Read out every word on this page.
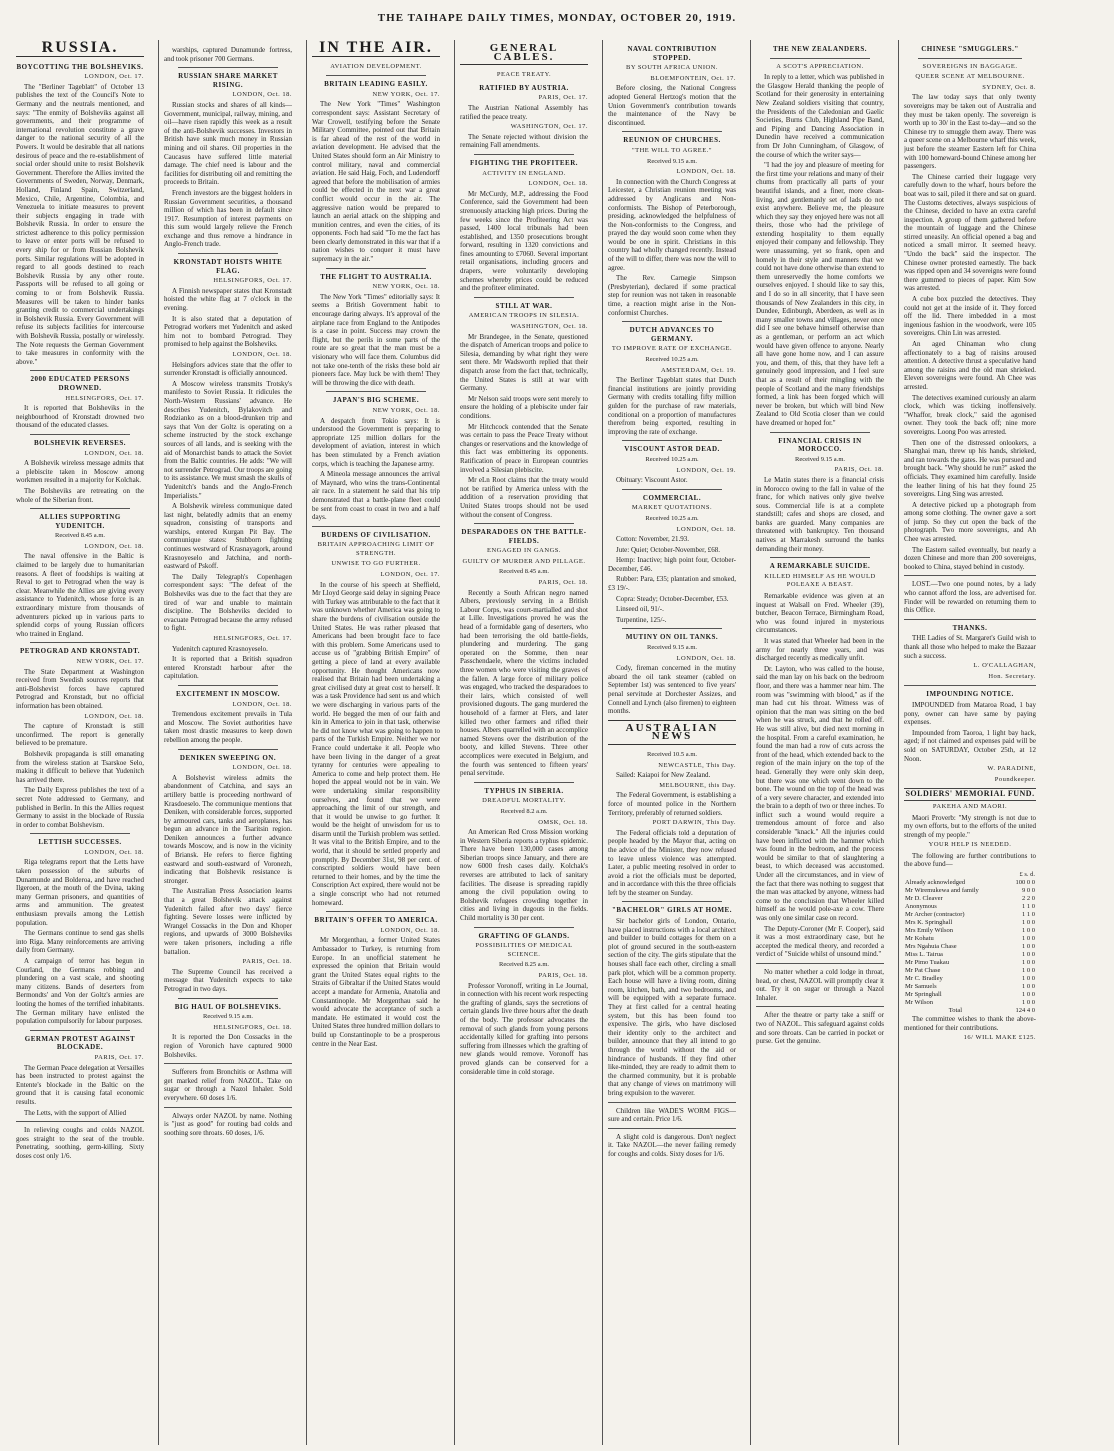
THE TAIHAPE DAILY TIMES, MONDAY, OCTOBER 20, 1919.
RUSSIA.
BOYCOTTING THE BOLSHEVIKS.
LONDON, Oct. 17.

The "Berliner Tageblatt" of October 13 publishes the text of the Council's Note to Germany and the neutrals mentioned, and says: "The enmity of Bolsheviks against all governments, and their programme of international revolution constitute a grave danger to the national security of all the Powers. It would be desirable that all nations desirous of peace and the re-establishment of social order should unite to resist Bolshevik Government. Therefore the Allies invited the Governments of Sweden, Norway, Denmark, Holland, Finland Spain, Switzerland, Mexico, Chile, Argentine, Colombia, and Venezuela to initiate measures to prevent their subjects engaging in trade with Bolshevik Russia. In order to ensure the strictest adherence to this policy permission to leave or enter ports will be refused to every ship for or from Russian Bolshevik ports. Similar regulations will be adopted in regard to all goods destined to reach Bolshevik Russia by any other route. Passports will be refused to all going or coming to or from Bolshevik Russia. Measures will be taken to hinder banks granting credit to commercial undertakings in Bolshevik Russia. Every Government will refuse its subjects facilities for intercourse with Bolshevik Russia, postally or wirelessly. The Note requests the German Government to take measures in conformity with the above."

2000 EDUCATED PERSONS DROWNED.
HELSINGFORS, Oct. 17.

It is reported that Bolsheviks in the neighbourhood of Kronstadt drowned two thousand of the educated classes.

BOLSHEVIK REVERSES.
LONDON, Oct. 18.

A Bolshevik wireless message admits that a plebiscite taken in Moscow among workmen resulted in a majority for Kolchak.

The Bolsheviks are retreating on the whole of the Siberian front.

ALLIES SUPPORTING YUDENITCH.
Received 8.45 a.m.
LONDON, Oct. 18.

The naval offensive in the Baltic is claimed to be largely due to humanitarian reasons. A fleet of foodships is waiting at Reval to get to Petrograd when the way is clear. Meanwhile the Allies are giving every assistance to Yudenitch, whose force is an extraordinary mixture from thousands of adventurers picked up in various parts to splendid corps of young Russian officers who trained in England.

PETROGRAD AND KRONSTADT.
NEW YORK, Oct. 17.

The State Department at Washington received from Swedish sources reports that anti-Bolshevist forces have captured Petrograd and Kronstadt, but no official information has been obtained.

LONDON, Oct. 18.

The capture of Kronstadt is still unconfirmed. The report is generally believed to be premature.

Bolshevik propaganda is still emanating from the wireless station at Tsarskoe Selo, making it difficult to believe that Yudenitch has arrived there.

The Daily Express publishes the text of a secret Note addressed to Germany, and published in Berlin. In this the Allies request Germany to assist in the blockade of Russia in order to combat Bolshevism.

LETTISH SUCCESSES.
LONDON, Oct. 18.

Riga telegrams report that the Letts have taken possession of the suburbs of Dunamunde and Bolderoa, and have reached Ilgeroen, at the mouth of the Dvina, taking many German prisoners, and quantities of arms and ammunition. The greatest enthusiasm prevails among the Lettish population.

The Germans continue to send gas shells into Riga. Many reinforcements are arriving daily from Germany.

A campaign of terror has begun in Courland, the Germans robbing and plundering on a vast scale, and shooting many citizens. Bands of deserters from Bermondts' and Von der Goltz's armies are looting the homes of the terrified inhabitants. The German military have enlisted the population compulsorily for labour purposes.

GERMAN PROTEST AGAINST BLOCKADE.
PARIS, Oct. 17.

The German Peace delegation at Versailles has been instructed to protest against the Entente's blockade in the Baltic on the ground that it is causing fatal economic results.

The Letts, with the support of Allied

In relieving coughs and colds NAZOL goes straight to the seat of the trouble. Penetrating, soothing, germ-killing. Sixty doses cost only 1/6.

warships, captured Dunamunde fortress, and took prisoner 700 Germans.

RUSSIAN SHARE MARKET RISING.
LONDON, Oct. 18.

Russian stocks and shares of all kinds—Government, municipal, railway, mining, and oil—have risen rapidly this week as a result of the anti-Bolshevik successes. Investors in British have sunk much money in Russian mining and oil shares. Oil properties in the Caucasus have suffered little material damage. The chief need is labour and the facilities for distributing oil and remitting the proceeds to Britain.

French investors are the biggest holders in Russian Government securities, a thousand million of which has been in default since 1917. Resumption of interest payments on this sum would largely relieve the French exchange and thus remove a hindrance in Anglo-French trade.

KRONSTADT HOISTS WHITE FLAG.
HELSINGFORS, Oct. 17.

A Finnish newspaper states that Kronstadt hoisted the white flag at 7 o'clock in the evening.

It is also stated that a deputation of Petrograd workers met Yudenitch and asked him not to bombard Petrograd. They promised to help against the Bolsheviks.

LONDON, Oct. 18.

Helsingfors advices state that the offer to surrender Kronstadt is officially announced.

A Moscow wireless transmits Trotsky's manifesto to Soviet Russia. It ridicules the North-Western Russians' advance. He describes Yudenitch, Bylakovitch and Rodzianko as on a blood-drunken trip and says that Von der Goltz is operating on a scheme instructed by the stock exchange sources of all lands, and is seeking with the aid of Monarchist bands to attack the Soviet from the Baltic countries. He adds: "We will not surrender Petrograd. Our troops are going to its assistance. We must smash the skulls of Yudenitch's bands and the Anglo-French Imperialists."

A Bolshevik wireless communique dated last night, belatedly admits that an enemy squadron, consisting of transports and warships, entered Kurgan Pit Bay. The communique states: Stubborn fighting continues westward of Krasnayagork, around Krasnoyeselo and Jatchina, and north-eastward of Pskoff.

The Daily Telegraph's Copenhagen correspondent says: "The defeat of the Bolsheviks was due to the fact that they are tired of war and unable to maintain discipline. The Bolsheviks decided to evacuate Petrograd because the army refused to fight.

HELSINGFORS, Oct. 17.

Yudenitch captured Krasnoyeselo.

It is reported that a British squadron entered Kronstadt harbour after the capitulation.

EXCITEMENT IN MOSCOW.
LONDON, Oct. 18.

Tremendous excitement prevails in Tula and Moscow. The Soviet authorities have taken most drastic measures to keep down rebellion among the people.

DENIKEN SWEEPING ON.
LONDON, Oct. 18.

A Bolshevist wireless admits the abandonment of Catchina, and says an artillery battle is proceeding northward of Krasdoeselo. The communique mentions that Deniken, with considerable forces, supported by armoured cars, tanks and aeroplanes, has begun an advance in the Tsaritsin region. Deniken announces a further advance towards Moscow, and is now in the vicinity of Briansk. He refers to fierce fighting eastward and south-eastward of Voronezh, indicating that Bolshevik resistance is stronger.

The Australian Press Association learns that a great Bolshevik attack against Yudenitch failed after two days' fierce fighting. Severe losses were inflicted by Wrangel Cossacks in the Don and Khoper regions, and upwards of 3000 Bolsheviks were taken prisoners, including a rifle battalion.

PARIS, Oct. 18.

The Supreme Council has received a message that Yudenitch expects to take Petrograd in two days.

BIG HAUL OF BOLSHEVIKS.
Received 9.15 a.m.
HELSINGFORS, Oct. 18.

It is reported the Don Cossacks in the region of Voronich have captured 9000 Bolsheviks.

Sufferers from Bronchitis or Asthma will get marked relief from NAZOL. Take on sugar or through a Nazol Inhaler. Sold everywhere. 60 doses 1/6.

Always order NAZOL by name. Nothing is "just as good" for routing bad colds and soothing sore throats. 60 doses, 1/6.

IN THE AIR.
AVIATION DEVELOPMENT.
BRITAIN LEADING EASILY.
NEW YORK, Oct. 17.

The New York "Times" Washington correspondent says: Assistant Secretary of War Crowell, testifying before the Senate Military Committee, pointed out that Britain is far ahead of the rest of the world in aviation development. He advised that the United States should form an Air Ministry to control military, naval and commercial aviation. He said Haig, Foch, and Ludendorff agreed that before the mobilisation of armies could be effected in the next war a great conflict would occur in the air. The aggressive nation would be prepared to launch an aerial attack on the shipping and munition centres, and even the cities, of its opponents. Foch had said "To me the fact has been clearly demonstrated in this war that if a nation wishes to conquer it must have supremacy in the air."

THE FLIGHT TO AUSTRALIA.
NEW YORK, Oct. 18.

The New York "Times" editorially says: It seems a British Government habit to encourage daring always. It's approval of the airplane race from England to the Antipodes is a case in point. Success may crown the flight, but the perils in some parts of the route are so great that the man must be a visionary who will face them. Columbus did not take one-tenth of the risks these bold air pioneers face. May luck be with them! They will be throwing the dice with death.

JAPAN'S BIG SCHEME.
NEW YORK, Oct. 18.

A despatch from Tokio says: It is understood the Government is preparing to appropriate 125 million dollars for the development of aviation, interest in which has been stimulated by a French aviation corps, which is teaching the Japanese army.

A Mineola message announces the arrival of Maynard, who wins the trans-Continental air race. In a statement he said that his trip demonstrated that a battle-plane fleet could be sent from coast to coast in two and a half days.

BURDENS OF CIVILISATION.
BRITAIN APPROACHING LIMIT OF STRENGTH.
UNWISE TO GO FURTHER.
LONDON, Oct. 17.

In the course of his speech at Sheffield, Mr Lloyd George said delay in signing Peace with Turkey was attributable to the fact that it was unknown whether America was going to share the burdens of civilisation outside the United States. He was rather pleased that Americans had been brought face to face with this problem. Some Americans used to accuse us of "grabbing British Empire" of getting a piece of land at every available opportunity. He thought Americans now realised that Britain had been undertaking a great civilised duty at great cost to herself. It was a task Providence had sent us and which we were discharging in various parts of the world. He begged the men of our faith and kin in America to join in that task, otherwise he did not know what was going to happen to parts of the Turkish Empire. Neither we nor France could undertake it all. People who have been living in the danger of a great tyranny for centuries were appealing to America to come and help protect them. He hoped the appeal would not be in vain. We were undertaking similar responsibility ourselves, and found that we were approaching the limit of our strength, and that it would be unwise to go further. It would be the height of unwisdom for us to disarm until the Turkish problem was settled. It was vital to the British Empire, and to the world, that it should be settled properly and promptly. By December 31st, 98 per cent. of conscripted soldiers would have been returned to their homes, and by the time the Conscription Act expired, there would not be a single conscript who had not returned homeward.

BRITAIN'S OFFER TO AMERICA.
LONDON, Oct. 18.

Mr Morgenthau, a former United States Ambassador to Turkey, is returning from Europe. In an unofficial statement he expressed the opinion that Britain would grant the United States equal rights to the Straits of Gibraltar if the United States would accept a mandate for Armenia, Anatolia and Constantinople. Mr Morgenthau said he would advocate the acceptance of such a mandate. He estimated it would cost the United States three hundred million dollars to build up Constantinople to be a prosperous centre in the Near East.

GENERAL CABLES.
PEACE TREATY.
RATIFIED BY AUSTRIA.
PARIS, Oct. 17.

The Austrian National Assembly has ratified the peace treaty.

WASHINGTON, Oct. 17.

The Senate rejected without division the remaining Fall amendments.

FIGHTING THE PROFITEER.
ACTIVITY IN ENGLAND.
LONDON, Oct. 18.

Mr McCurdy, M.P., addressing the Food Conference, said the Government had been strenuously attacking high prices. During the few weeks since the Profiteering Act was passed, 1400 local tribunals had been established, and 1350 prosecutions brought forward, resulting in 1320 convictions and fines amounting to £7060. Several important retail organisations, including grocers and drapers, were voluntarily developing schemes whereby prices could be reduced and the profiteer eliminated.

STILL AT WAR.
AMERICAN TROOPS IN SILESIA.
WASHINGTON, Oct. 18.

Mr Brandegee, in the Senate, questioned the dispatch of American troops and police to Silesia, demanding by what right they were sent there. Mr Wadsworth replied that their dispatch arose from the fact that, technically, the United States is still at war with Germany.

Mr Nelson said troops were sent merely to ensure the holding of a plebiscite under fair conditions.

Mr Hitchcock contended that the Senate was certain to pass the Peace Treaty without changes or reservations and the knowledge of this fact was embittering its opponents. Ratification of peace in European countries involved a Silesian plebiscite.

Mr eLn Root claims that the treaty would not be ratified by America unless with the addition of a reservation providing that United States troops should not be used without the consent of Congress.

DESPARADOES ON THE BATTLE-FIELDS.
ENGAGED IN GANGS.
GUILTY OF MURDER AND PILLAGE.
Received 8.45 a.m.
PARIS, Oct. 18.

Recently a South African negro named Albers, previously serving in a British Labour Corps, was court-martialled and shot at Lille. Investigations proved he was the head of a formidable gang of deserters, who had been terrorising the old battle-fields, plundering and murdering. The gang operated on the Somme, then near Passchendaele, where the victims included three women who were visiting the graves of the fallen. A large force of military police was engaged, who tracked the desparadoes to their lairs, which consisted of well provisioned dugouts. The gang murdered the household of a farmer at Flers, and later killed two other farmers and rifled their houses. Albers quarrelled with an accomplice named Stevens over the distribution of the booty, and killed Stevens. Three other accomplices were executed in Belgium, and the fourth was sentenced to fifteen years' penal servitude.

TYPHUS IN SIBERIA.
DREADFUL MORTALITY.
Received 8.2 a.m.
OMSK, Oct. 18.

An American Red Cross Mission working in Western Siberia reports a typhus epidemic. There have been 130,000 cases among Siberian troops since January, and there are now 6000 fresh cases daily. Kolchak's reverses are attributed to lack of sanitary facilities. The disease is spreading rapidly among the civil population owing to Bolshevik refugees crowding together in cities and living in dugouts in the fields. Child mortality is 30 per cent.

GRAFTING OF GLANDS.
POSSIBILITIES OF MEDICAL SCIENCE.
Received 8.25 a.m.
PARIS, Oct. 18.

Professor Voronoff, writing in Le Journal, in connection with his recent work respecting the grafting of glands, says the secretions of certain glands live three hours after the death of the body. The professor advocates the removal of such glands from young persons accidentally killed for grafting into persons suffering from illnesses which the grafting of new glands would remove. Voronoff has proved glands can be conserved for a considerable time in cold storage.

NAVAL CONTRIBUTION STOPPED.
BY SOUTH AFRICA UNION.
BLOEMFONTEIN, Oct. 17.

Before closing, the National Congress adopted General Hertzog's motion that the Union Government's contribution towards the maintenance of the Navy be discontinued.

REUNION OF CHURCHES.
"THE WILL TO AGREE."
Received 9.15 a.m.
LONDON, Oct. 18.

In connection with the Church Congress at Leicester, a Christian reunion meeting was addressed by Anglicans and Non-conformists. The Bishop of Peterborough, presiding, acknowledged the helpfulness of the Non-conformists to the Congress, and prayed the day would soon come when they would be one in spirit. Christians in this country had wholly changed recently. Instead of the will to differ, there was now the will to agree.

The Rev. Carnegie Simpson (Presbyterian), declared if some practical step for reunion was not taken in reasonable time, a reaction might arise in the Non-conformist Churches.

DUTCH ADVANCES TO GERMANY.
TO IMPROVE RATE OF EXCHANGE.
Received 10.25 a.m.
AMSTERDAM, Oct. 19.

The Berliner Tageblatt states that Dutch financial institutions are jointly providing Germany with credits totalling fifty million gulden for the purchase of raw materials, conditional on a proportion of manufactures therefrom being exported, resulting in improving the rate of exchange.

VISCOUNT ASTOR DEAD.
Received 10.25 a.m.
LONDON, Oct. 19.

Obituary: Viscount Astor.

COMMERCIAL.
MARKET QUOTATIONS.
Received 10.25 a.m.
LONDON, Oct. 18.

Cotton: November, 21.93.

Jute: Quiet; October-November, £68.

Hemp: Inactive; high point four, October-December, £46.

Rubber: Para, £35; plantation and smoked, £3 19/-.

Copra: Steady; October-December, £53.

Linseed oil, 91/-.

Turpentine, 125/-.

MUTINY ON OIL TANKS.
Received 9.15 a.m.
LONDON, Oct. 18.

Cody, fireman concerned in the mutiny aboard the oil tank steamer (cabled on September 1st) was sentenced to five years' penal servitude at Dorchester Assizes, and Connell and Lynch (also firemen) to eighteen months.

AUSTRALIAN NEWS
Received 10.5 a.m.
NEWCASTLE, This Day.

Sailed: Kaiapoi for New Zealand.

MELBOURNE, this Day.

The Federal Government, is establishing a force of mounted police in the Northern Territory, preferably of returned soldiers.

PORT DARWIN, This Day.

The Federal officials told a deputation of people headed by the Mayor that, acting on the advice of the Minister, they now refused to leave unless violence was attempted. Later, a public meeting resolved in order to avoid a riot the officials must be deported, and in accordance with this the three officials left by the steamer on Sunday.

"BACHELOR" GIRLS AT HOME.

Sir bachelor girls of London, Ontario, have placed instructions with a local architect and builder to build cottages for them on a plot of ground secured in the south-eastern section of the city. The girls stipulate that the houses shall face each other, circling a small park plot, which will be a common property. Each house will have a living room, dining room, kitchen, bath, and two bedrooms, and will be equipped with a separate furnace. They at first called for a central heating system, but this has been found too expensive. The girls, who have disclosed their identity only to the architect and builder, announce that they all intend to go through the world without the aid or hindrance of husbands. If they find other like-minded, they are ready to admit them to the charmed community, but it is probable that any change of views on matrimony will bring expulsion to the waverer.

Children like WADE'S WORM FIGS—sure and certain. Price 1/6.

A slight cold is dangerous. Don't neglect it. Take NAZOL—the never failing remedy for coughs and colds. Sixty doses for 1/6.

THE NEW ZEALANDERS.
A SCOT'S APPRECIATION.

In reply to a letter, which was published in the Glasgow Herald thanking the people of Scotland for their generosity in entertaining New Zealand soldiers visiting that country, the Presidents of the Caledonian and Gaelic Societies, Burns Club, Highland Pipe Band, and Piping and Dancing Association in Dunedin have received a communication from Dr John Cunningham, of Glasgow, of the course of which the writer says—

"I had the joy and pleasure of meeting for the first time your relations and many of their chums from practically all parts of your beautiful islands, and a finer, more clean-living, and gentlemanly set of lads do not exist anywhere. Believe me, the pleasure which they say they enjoyed here was not all theirs, those who had the privilege of extending hospitality to them equally enjoyed their company and fellowship. They were unassuming, yet so frank, open and homely in their style and manners that we could not have done otherwise than extend to them unreservedly the home comforts we ourselves enjoyed. I should like to say this, and I do so in all sincerity, that I have seen thousands of New Zealanders in this city, in Dundee, Edinburgh, Aberdeen, as well as in many smaller towns and villages, never once did I see one behave himself otherwise than as a gentleman, or perform an act which would have given offence to anyone. Nearly all have gone home now, and I can assure you, and them, of this, that they have left a genuinely good impression, and I feel sure that as a result of their mingling with the people of Scotland and the many friendships formed, a link has been forged which will never be broken, but which will bind New Zealand to Old Scotia closer than we could have dreamed or hoped for."

FINANCIAL CRISIS IN MOROCCO.
Received 9.15 a.m.
PARIS, Oct. 18.

Le Matin states there is a financial crisis in Morocco owing to the fall in value of the franc, for which natives only give twelve sous. Commercial life is at a complete standstill; cafes and shops are closed, and banks are guarded. Many companies are threatened with bankruptcy. Ten thousand natives at Marrakesh surround the banks demanding their money.

A REMARKABLE SUICIDE.
KILLED HIMSELF AS HE WOULD POLEAXE A BEAST.

Remarkable evidence was given at an inquest at Walsall on Fred. Wheeler (39), butcher, Beacon Terrace, Birmingham Road, who was found injured in mysterious circumstances.

It was stated that Wheeler had been in the army for nearly three years, and was discharged recently as medically unfit.

Dr. Layton, who was called to the house, said the man lay on his back on the bedroom floor, and there was a hammer near him. The room was "swimming with blood," as if the man had cut his throat. Witness was of opinion that the man was sitting on the bed when he was struck, and that he rolled off. He was still alive, but died next morning in the hospital. From a careful examination, he found the man had a row of cuts across the front of the head, which extended back to the region of the main injury on the top of the head. Generally they were only skin deep, but there was one which went down to the bone. The wound on the top of the head was of a very severe character, and extended into the brain to a depth of two or three inches. To inflict such a wound would require a tremendous amount of force and also considerable "knack." All the injuries could have been inflicted with the hammer which was found in the bedroom, and the process would be similar to that of slaughtering a beast, to which deceased was accustomed. Under all the circumstances, and in view of the fact that there was nothing to suggest that the man was attacked by anyone, witness had come to the conclusion that Wheeler killed himself as he would pole-axe a cow. There was only one similar case on record.

The Deputy-Coroner (Mr F. Cooper), said it was a most extraordinary case, but he accepted the medical theory, and recorded a verdict of "Suicide whilst of unsound mind."

No matter whether a cold lodge in throat, head, or chest, NAZOL will promptly clear it out. Try it on sugar or through a Nazol Inhaler.

After the theatre or party take a sniff or two of NAZOL. This safeguard against colds and sore throats. Can be carried in pocket or purse. Get the genuine.

CHINESE "SMUGGLERS."
SOVEREIGNS IN BAGGAGE.
QUEER SCENE AT MELBOURNE.
SYDNEY, Oct. 8.

The law today says that only twenty sovereigns may be taken out of Australia and they must be taken openly. The sovereign is worth up to 30/ in the East to-day—and so the Chinese try to smuggle them away. There was a queer scene on a Melbourne wharf this week, just before the steamer Eastern left for China with 100 homeward-bound Chinese among her passengers.

The Chinese carried their luggage very carefully down to the wharf, hours before the boat was to sail, piled it there and sat on guard. The Customs detectives, always suspicious of the Chinese, decided to have an extra careful inspection. A group of them gathered before the mountain of luggage and the Chinese stirred uneasily. An official opened a bag and noticed a small mirror. It seemed heavy. "Undo the back" said the inspector. The Chinese owner protested earnestly. The back was ripped open and 34 sovereigns were found there gummed to pieces of paper. Kim Sow was arrested.

A cube box puzzled the detectives. They could not get at the inside of it. They forced off the lid. There imbedded in a most ingenious fashion in the woodwork, were 105 sovereigns. Chin Lin was arrested.

An aged Chinaman who clung affectionately to a bag of raisins aroused attention. A detective thrust a speculative hand among the raisins and the old man shrieked. Eleven sovereigns were found. Ah Chee was arrested.

The detectives examined curiously an alarm clock, which was ticking inoffensively. "Whaffor, break clock," said the agonised owner. They took the back off; nine more sovereigns. Loong Poo was arrested.

Then one of the distressed onlookers, a Shanghai man, threw up his hands, shrieked, and ran towards the gates. He was pursued and brought back. "Why should he run?" asked the officials. They examined him carefully. Inside the leather lining of his hat they found 25 sovereigns. Ling Sing was arrested.

A detective picked up a photograph from among some clothing. The owner gave a sort of jump. So they cut open the back of the photograph. Two more sovereigns, and Ah Chee was arrested.

The Eastern sailed eventually, but nearly a dozen Chinese and more than 200 sovereigns, booked to China, stayed behind in custody.

LOST.—Two one pound notes, by a lady who cannot afford the loss, are advertised for. Finder will be rewarded on returning them to this Office.

THANKS.

THE Ladies of St. Margaret's Guild wish to thank all those who helped to make the Bazaar such a success.

L. O'CALLAGHAN,
Hon. Secretary.
IMPOUNDING NOTICE.

IMPOUNDED from Mataroa Road, 1 bay pony, owner can have same by paying expenses.

Impounded from Taoroa, 1 light bay hack, aged; if not claimed and expenses paid will be sold on SATURDAY, October 25th, at 12 Noon.

W. PARADINE,
Poundkeeper.
SOLDIERS' MEMORIAL FUND.
PAKEHA AND MAORI.

Maori Proverb: "My strength is not due to my own efforts, but to the efforts of the united strength of my people."

YOUR HELP IS NEEDED.

The following are further contributions to the above fund—

	£ s. d.
Already acknowledged	100 0 0
Mr Wiremukewa and family	9 0 0
Mr D. Cleaver	2 2 0
Anonymous	1 1 0
Mr Archer (contractor)	1 1 0
Mrs K. Springhall	1 0 0
Mrs Emily Wilson	1 0 0
Mr Kohatu	1 0 0
Mrs Ngahuia Chase	1 0 0
Miss L. Tairua	1 0 0
Mr Pimo Tuakau	1 0 0
Mr Pat Chase	1 0 0
Mr C. Bradley	1 0 0
Mr Samuels	1 0 0
Mr Springhall	1 0 0
Mr Wilson	1 0 0
Total	124 4 0

The committee wishes to thank the above-mentioned for their contributions.

16/ WILL MAKE £125.
